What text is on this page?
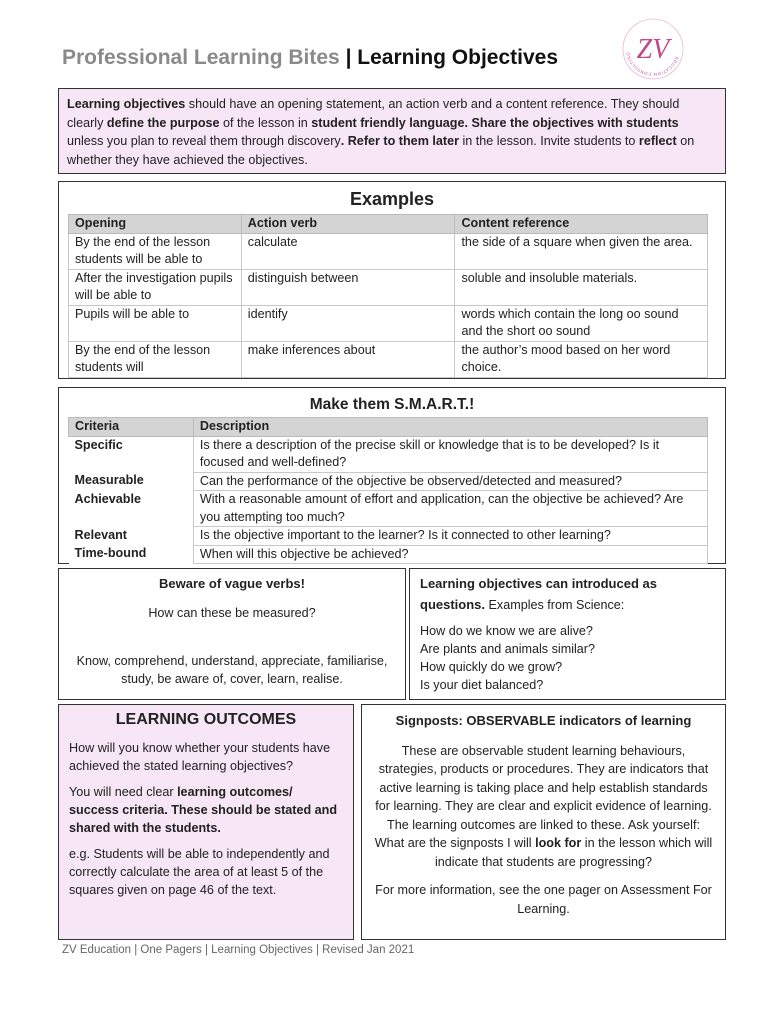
Professional Learning Bites | Learning Objectives	ZV	EDUCATION CONSULTING
Learning objectives should have an opening statement, an action verb and a content reference. They should clearly define the purpose of the lesson in student friendly language. Share the objectives with students unless you plan to reveal them through discovery. Refer to them later in the lesson. Invite students to reflect on whether they have achieved the objectives.
Examples
Opening	Action verb	Content reference
By the end of the lesson students will be able to	calculate	the side of a square when given the area.
After the investigation pupils will be able to	distinguish between	soluble and insoluble materials.
Pupils will be able to	identify	words which contain the long oo sound and the short oo sound
By the end of the lesson students will	make inferences about	the author’s mood based on her word choice.
Make them S.M.A.R.T.!
Criteria	Description
Specific	Is there a description of the precise skill or knowledge that is to be developed? Is it focused and well-defined?
Measurable	Can the performance of the objective be observed/detected and measured?
Achievable	With a reasonable amount of effort and application, can the objective be achieved? Are you attempting too much?
Relevant	Is the objective important to the learner? Is it connected to other learning?
Time-bound	When will this objective be achieved?
Beware of vague verbs!
How can these be measured?
Know, comprehend, understand, appreciate, familiarise, study, be aware of, cover, learn, realise.
Learning objectives can introduced as questions. Examples from Science:
How do we know we are alive?
Are plants and animals similar?
How quickly do we grow?
Is your diet balanced?
LEARNING OUTCOMES

How will you know whether your students have achieved the stated learning objectives?

You will need clear learning outcomes/ success criteria. These should be stated and shared with the students.

e.g. Students will be able to independently and correctly calculate the area of at least 5 of the squares given on page 46 of the text.

Signposts: OBSERVABLE indicators of learning

These are observable student learning behaviours, strategies, products or procedures. They are indicators that active learning is taking place and help establish standards for learning. They are clear and explicit evidence of learning. The learning outcomes are linked to these. Ask yourself: What are the signposts I will look for in the lesson which will indicate that students are progressing?

For more information, see the one pager on Assessment For Learning.

ZV Education | One Pagers | Learning Objectives | Revised Jan 2021
